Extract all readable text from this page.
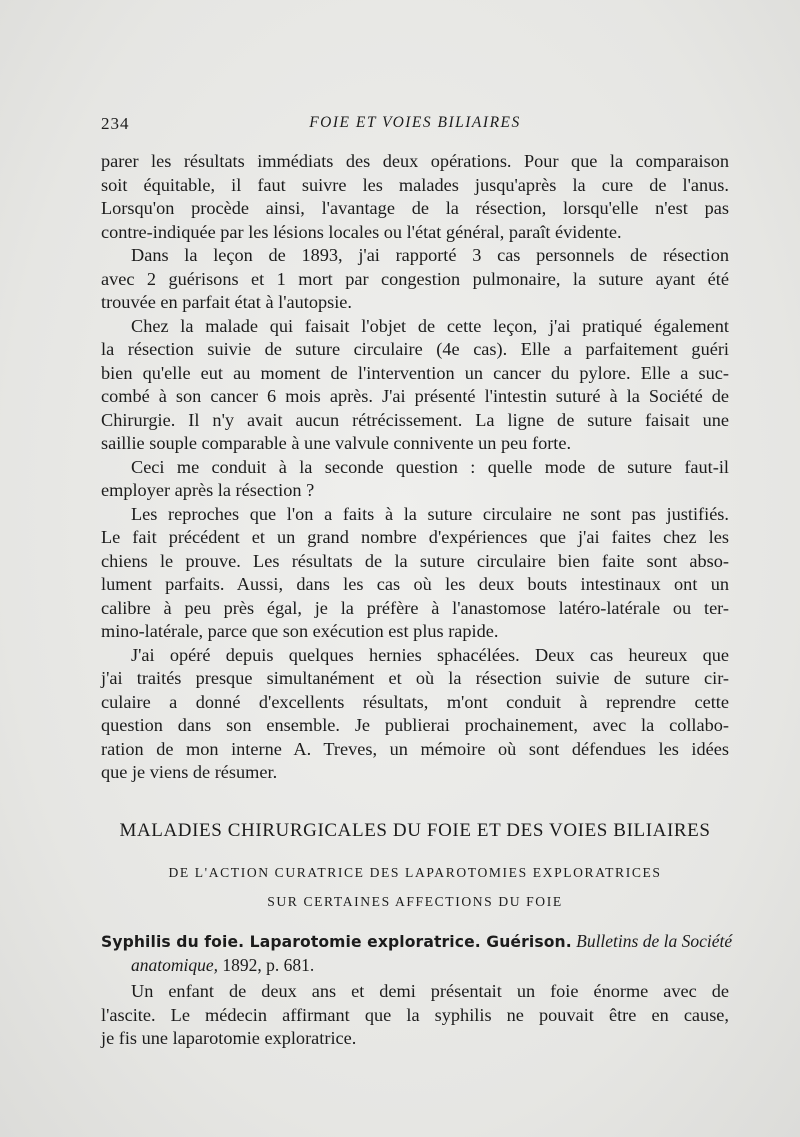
234	FOIE ET VOIES BILIAIRES

parer les résultats immédiats des deux opérations. Pour que la comparaison
soit équitable, il faut suivre les malades jusqu'après la cure de l'anus.
Lorsqu'on procède ainsi, l'avantage de la résection, lorsqu'elle n'est pas
contre-indiquée par les lésions locales ou l'état général, paraît évidente.

Dans la leçon de 1893, j'ai rapporté 3 cas personnels de résection
avec 2 guérisons et 1 mort par congestion pulmonaire, la suture ayant été
trouvée en parfait état à l'autopsie.

Chez la malade qui faisait l'objet de cette leçon, j'ai pratiqué également
la résection suivie de suture circulaire (4e cas). Elle a parfaitement guéri
bien qu'elle eut au moment de l'intervention un cancer du pylore. Elle a suc-
combé à son cancer 6 mois après. J'ai présenté l'intestin suturé à la Société de
Chirurgie. Il n'y avait aucun rétrécissement. La ligne de suture faisait une
saillie souple comparable à une valvule connivente un peu forte.

Ceci me conduit à la seconde question : quelle mode de suture faut-il
employer après la résection ?

Les reproches que l'on a faits à la suture circulaire ne sont pas justifiés.
Le fait précédent et un grand nombre d'expériences que j'ai faites chez les
chiens le prouve. Les résultats de la suture circulaire bien faite sont abso-
lument parfaits. Aussi, dans les cas où les deux bouts intestinaux ont un
calibre à peu près égal, je la préfère à l'anastomose latéro-latérale ou ter-
mino-latérale, parce que son exécution est plus rapide.

J'ai opéré depuis quelques hernies sphacélées. Deux cas heureux que
j'ai traités presque simultanément et où la résection suivie de suture cir-
culaire a donné d'excellents résultats, m'ont conduit à reprendre cette
question dans son ensemble. Je publierai prochainement, avec la collabo-
ration de mon interne A. Treves, un mémoire où sont défendues les idées
que je viens de résumer.

MALADIES CHIRURGICALES DU FOIE ET DES VOIES BILIAIRES
DE L'ACTION CURATRICE DES LAPAROTOMIES EXPLORATRICES
SUR CERTAINES AFFECTIONS DU FOIE
Syphilis du foie. Laparotomie exploratrice. Guérison. Bulletins de la Société
anatomique, 1892, p. 681.

Un enfant de deux ans et demi présentait un foie énorme avec de
l'ascite. Le médecin affirmant que la syphilis ne pouvait être en cause,
je fis une laparotomie exploratrice.
